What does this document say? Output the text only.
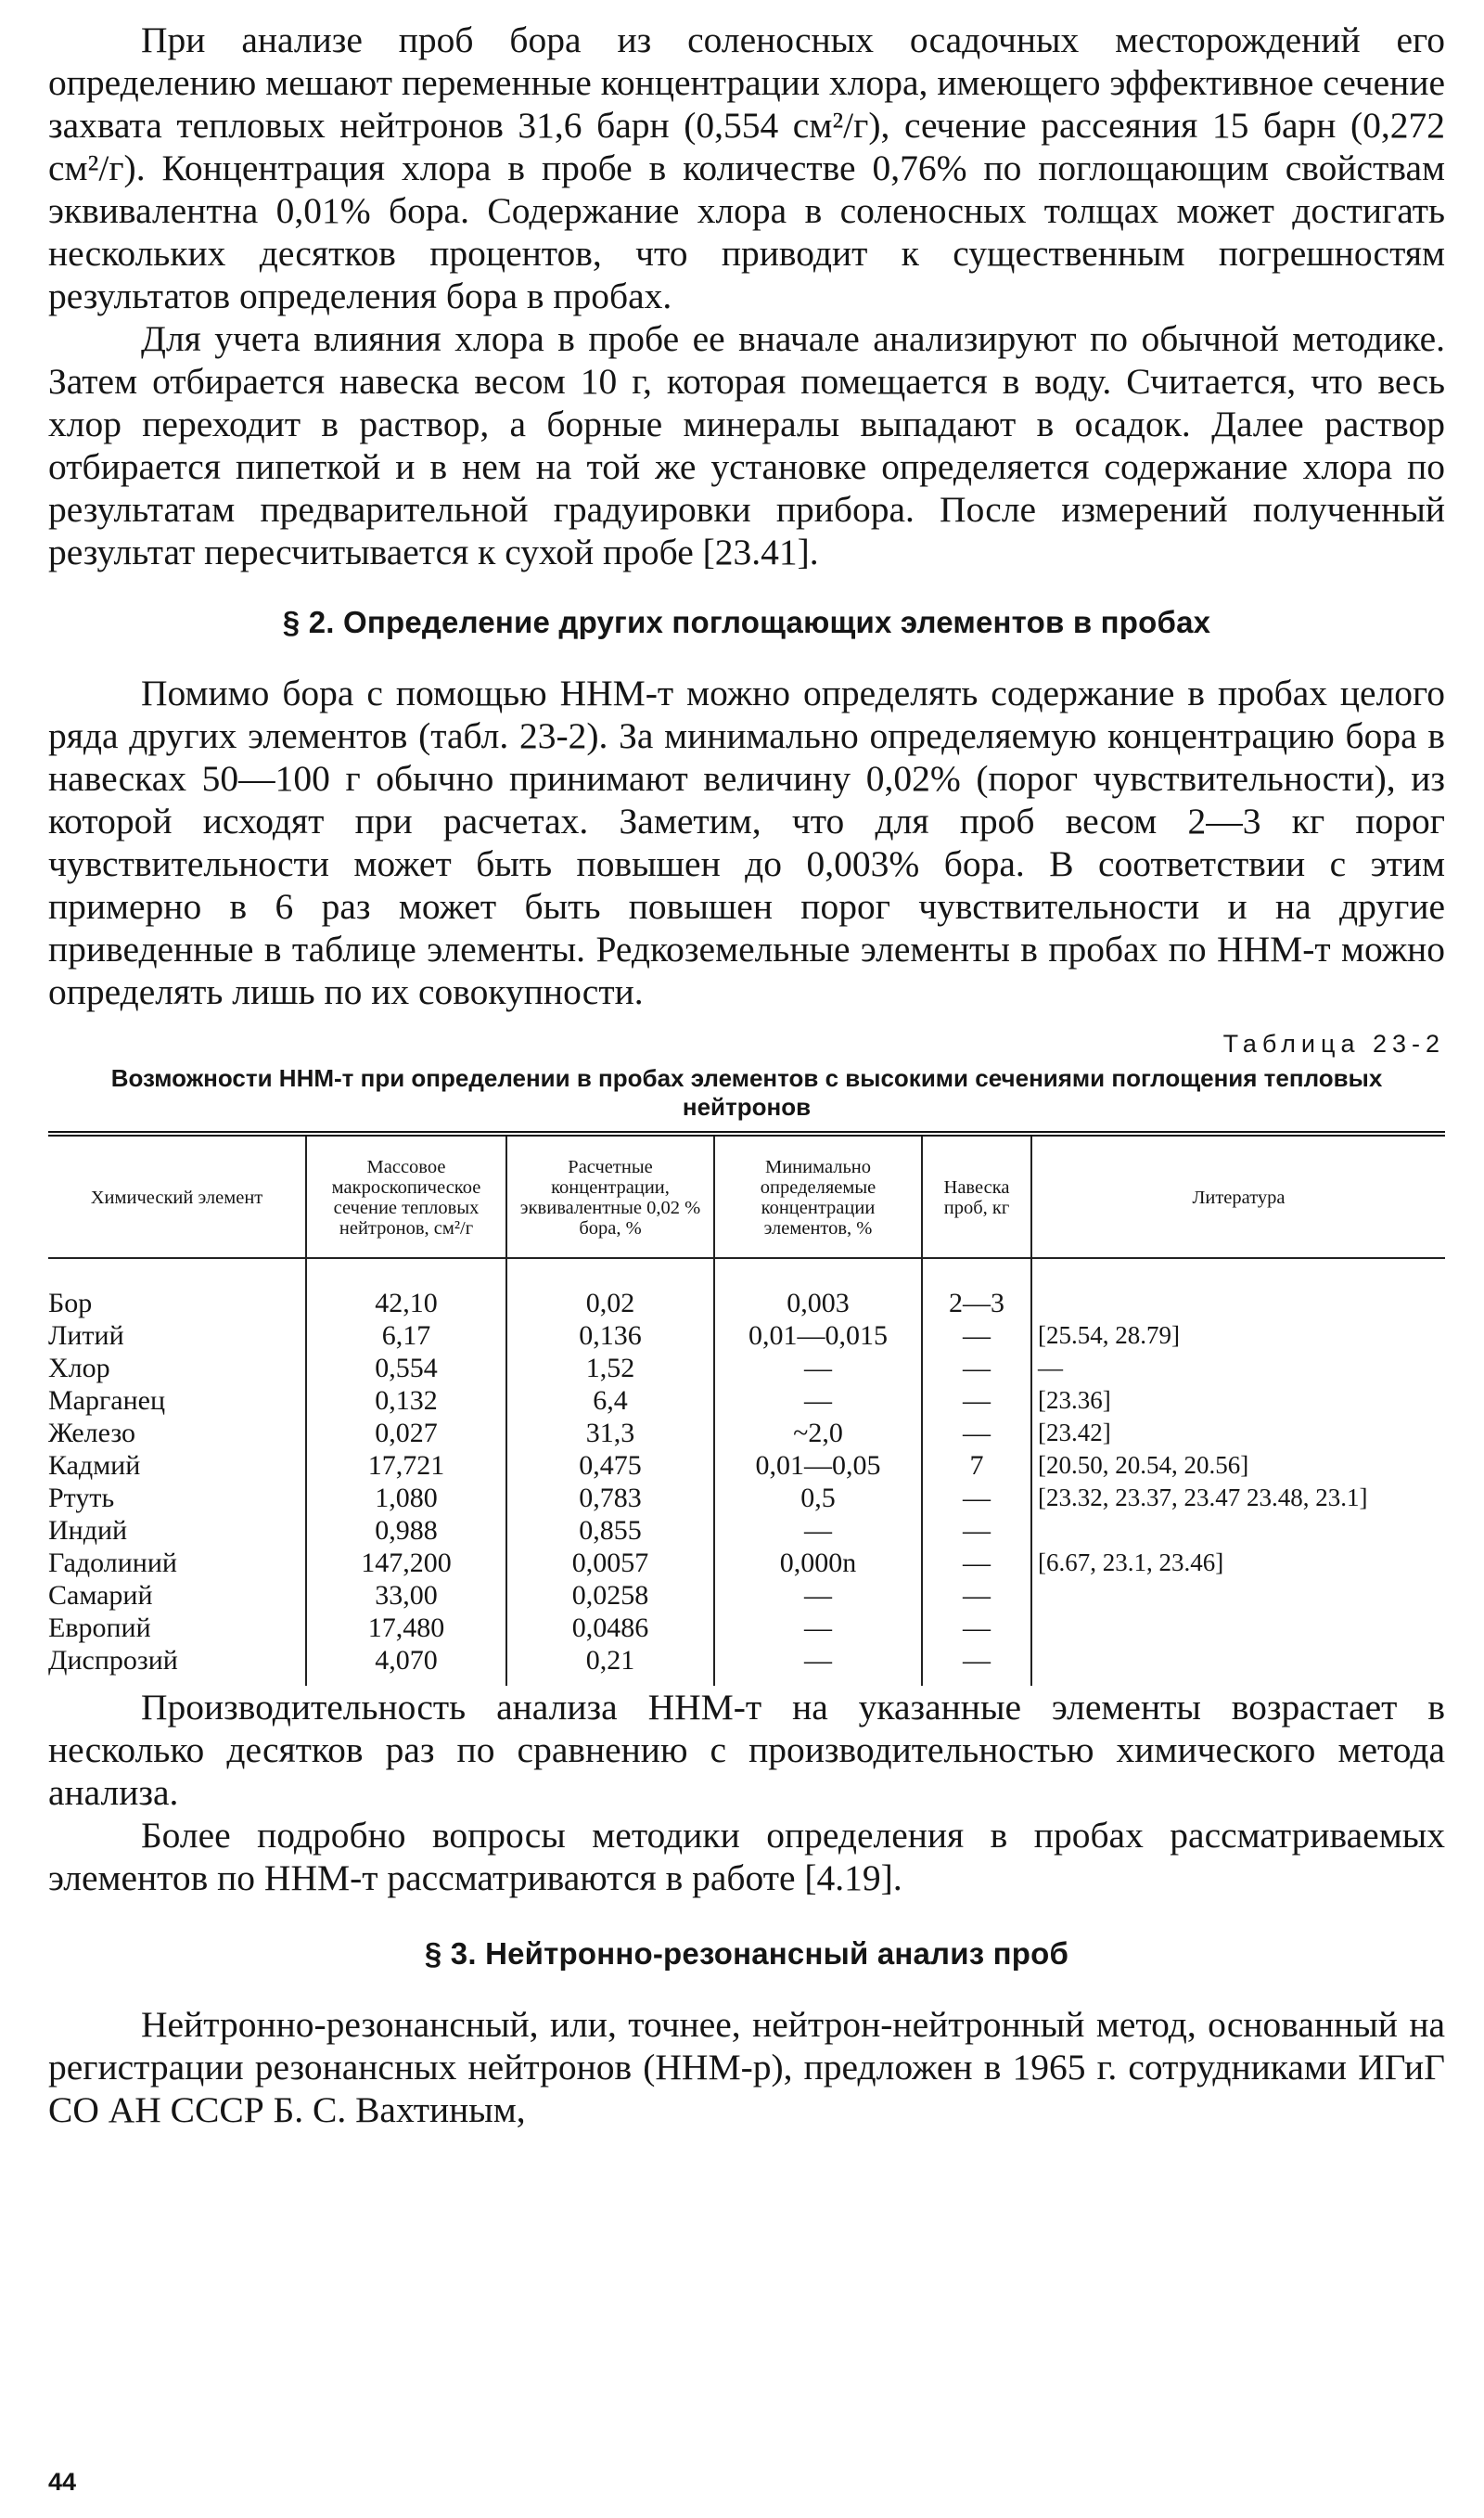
При анализе проб бора из соленосных осадочных месторождений его определению мешают переменные концентрации хлора, имеющего эффективное сечение захвата тепловых нейтронов 31,6 барн (0,554 см²/г), сечение рассеяния 15 барн (0,272 см²/г). Концентрация хлора в пробе в количестве 0,76% по поглощающим свойствам эквивалентна 0,01% бора. Содержание хлора в соленосных толщах может достигать нескольких десятков процентов, что приводит к существенным погрешностям результатов определения бора в пробах.

Для учета влияния хлора в пробе ее вначале анализируют по обычной методике. Затем отбирается навеска весом 10 г, которая помещается в воду. Считается, что весь хлор переходит в раствор, а борные минералы выпадают в осадок. Далее раствор отбирается пипеткой и в нем на той же установке определяется содержание хлора по результатам предварительной градуировки прибора. После измерений полученный результат пересчитывается к сухой пробе [23.41].

§ 2. Определение других поглощающих элементов в пробах

Помимо бора с помощью ННМ-т можно определять содержание в пробах целого ряда других элементов (табл. 23-2). За минимально определяемую концентрацию бора в навесках 50—100 г обычно принимают величину 0,02% (порог чувствительности), из которой исходят при расчетах. Заметим, что для проб весом 2—3 кг порог чувствительности может быть повышен до 0,003% бора. В соответствии с этим примерно в 6 раз может быть повышен порог чувствительности и на другие приведенные в таблице элементы. Редкоземельные элементы в пробах по ННМ-т можно определять лишь по их совокупности.

Таблица 23-2
Возможности ННМ-т при определении в пробах элементов с высокими сечениями поглощения тепловых нейтронов
Химический элемент	Массовое макроскопическое сечение тепловых нейтронов, см²/г	Расчетные концентрации, эквивалентные 0,02 % бора, %	Минимально определяемые концентрации элементов, %	Навеска проб, кг	Литература
Бор	42,10	0,02	0,003	2—3	
Литий	6,17	0,136	0,01—0,015	—	[25.54, 28.79]
Хлор	0,554	1,52	—	—	—
Марганец	0,132	6,4	—	—	[23.36]
Железо	0,027	31,3	~2,0	—	[23.42]
Кадмий	17,721	0,475	0,01—0,05	7	[20.50, 20.54, 20.56]
Ртуть	1,080	0,783	0,5	—	[23.32, 23.37, 23.47 23.48, 23.1]
Индий	0,988	0,855	—	—	
Гадолиний	147,200	0,0057	0,000n	—	[6.67, 23.1, 23.46]
Самарий	33,00	0,0258	—	—	
Европий	17,480	0,0486	—	—	
Диспрозий	4,070	0,21	—	—	

Производительность анализа ННМ-т на указанные элементы возрастает в несколько десятков раз по сравнению с производительностью химического метода анализа.

Более подробно вопросы методики определения в пробах рассматриваемых элементов по ННМ-т рассматриваются в работе [4.19].

§ 3. Нейтронно-резонансный анализ проб

Нейтронно-резонансный, или, точнее, нейтрон-нейтронный метод, основанный на регистрации резонансных нейтронов (ННМ-р), предложен в 1965 г. сотрудниками ИГиГ СО АН СССР Б. С. Вахтиным,

44
